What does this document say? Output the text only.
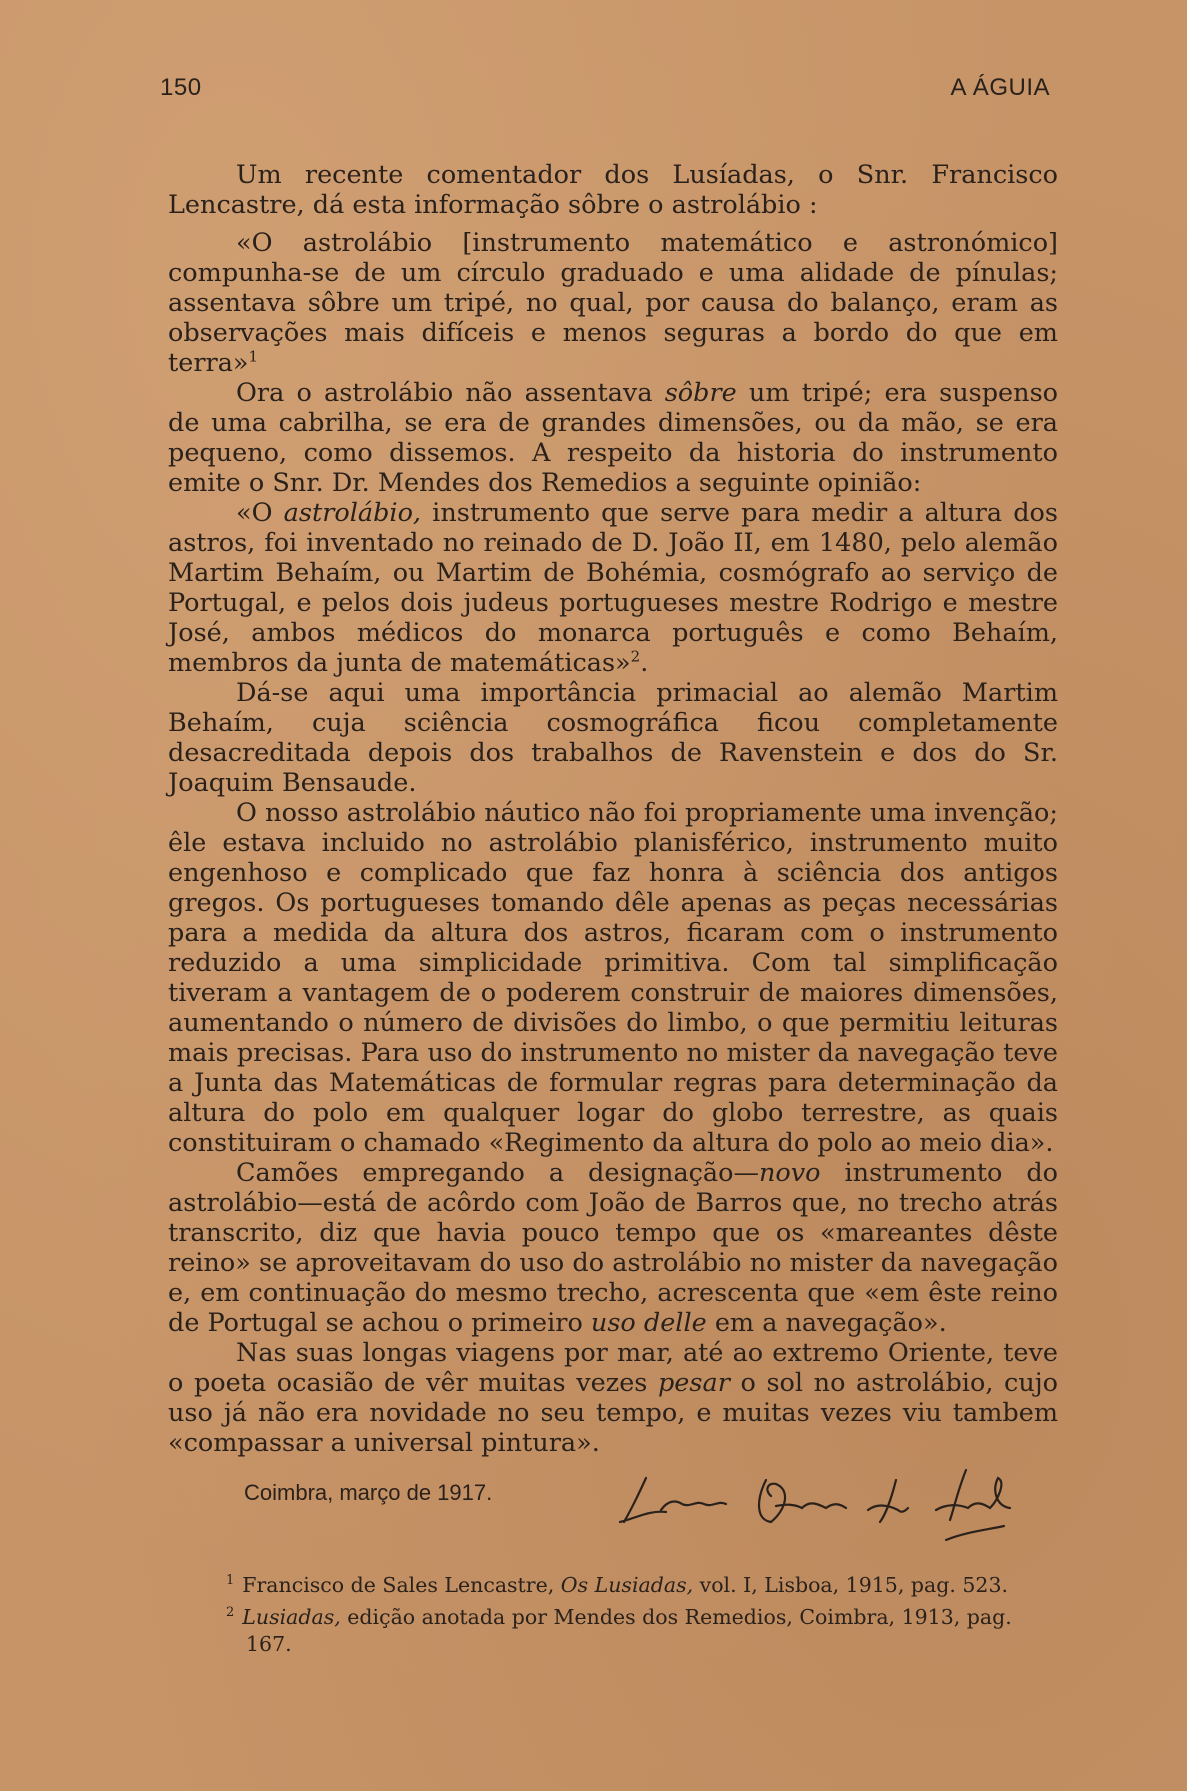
150	A ÁGUIA

Um recente comentador dos Lusíadas, o Snr. Francisco Lencastre, dá esta informação sôbre o astrolábio :

«O astrolábio [instrumento matemático e astronómico] compunha-se de um círculo graduado e uma alidade de pínulas; assentava sôbre um tripé, no qual, por causa do balanço, eram as observações mais difíceis e menos seguras a bordo do que em terra»$^1$

Ora o astrolábio não assentava sôbre um tripé; era suspenso de uma cabrilha, se era de grandes dimensões, ou da mão, se era pequeno, como dissemos. A respeito da historia do instrumento emite o Snr. Dr. Mendes dos Remedios a seguinte opinião:

«O astrolábio, instrumento que serve para medir a altura dos astros, foi inventado no reinado de D. João II, em 1480, pelo alemão Martim Behaím, ou Martim de Bohémia, cosmógrafo ao serviço de Portugal, e pelos dois judeus portugueses mestre Rodrigo e mestre José, ambos médicos do monarca português e como Behaím, membros da junta de matemáticas»$^2$.

Dá-se aqui uma importância primacial ao alemão Martim Behaím, cuja sciência cosmográfica ficou completamente desacreditada depois dos trabalhos de Ravenstein e dos do Sr. Joaquim Bensaude.

O nosso astrolábio náutico não foi propriamente uma invenção; êle estava incluido no astrolábio planisférico, instrumento muito engenhoso e complicado que faz honra à sciência dos antigos gregos. Os portugueses tomando dêle apenas as peças necessárias para a medida da altura dos astros, ficaram com o instrumento reduzido a uma simplicidade primitiva. Com tal simplificação tiveram a vantagem de o poderem construir de maiores dimensões, aumentando o número de divisões do limbo, o que permitiu leituras mais precisas. Para uso do instrumento no mister da navegação teve a Junta das Matemáticas de formular regras para determinação da altura do polo em qualquer logar do globo terrestre, as quais constituiram o chamado «Regimento da altura do polo ao meio dia».

Camões empregando a designação—novo instrumento do astrolábio—está de acôrdo com João de Barros que, no trecho atrás transcrito, diz que havia pouco tempo que os «mareantes dêste reino» se aproveitavam do uso do astrolábio no mister da navegação e, em continuação do mesmo trecho, acrescenta que «em êste reino de Portugal se achou o primeiro uso delle em a navegação».

Nas suas longas viagens por mar, até ao extremo Oriente, teve o poeta ocasião de vêr muitas vezes pesar o sol no astrolábio, cujo uso já não era novidade no seu tempo, e muitas vezes viu tambem «compassar a universal pintura».

Coimbra, março de 1917.
$^1$ Francisco de Sales Lencastre, Os Lusiadas, vol. I, Lisboa, 1915, pag. 523.
$^2$ Lusiadas, edição anotada por Mendes dos Remedios, Coimbra, 1913, pag. 167.
